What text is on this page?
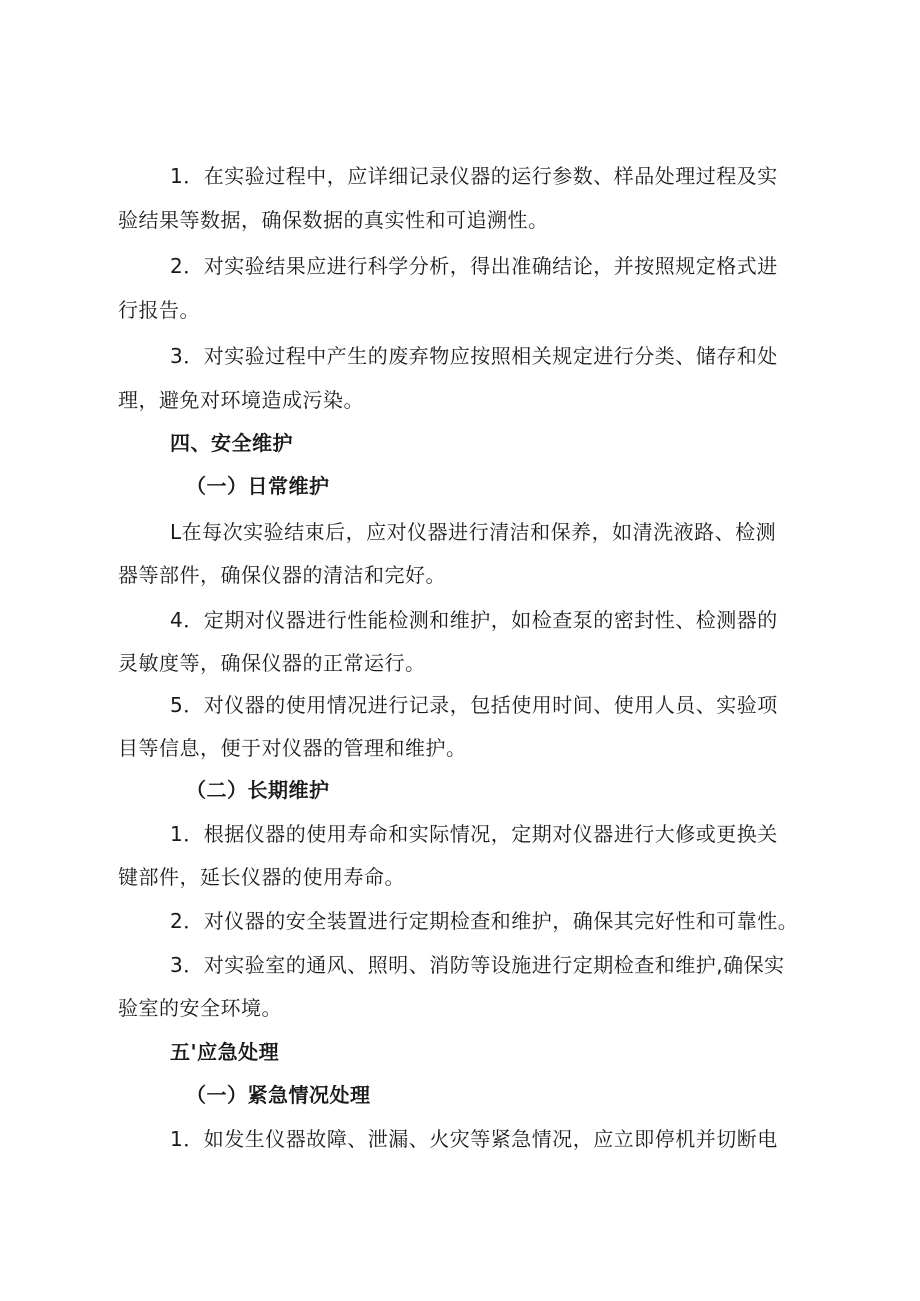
1．在实验过程中，应详细记录仪器的运行参数、样品处理过程及实
验结果等数据，确保数据的真实性和可追溯性。
2．对实验结果应进行科学分析，得出准确结论，并按照规定格式进
行报告。
3．对实验过程中产生的废弃物应按照相关规定进行分类、储存和处
理，避免对环境造成污染。
四、安全维护
（一）日常维护
L在每次实验结束后，应对仪器进行清洁和保养，如清洗液路、检测
器等部件，确保仪器的清洁和完好。
4．定期对仪器进行性能检测和维护，如检查泵的密封性、检测器的
灵敏度等，确保仪器的正常运行。
5．对仪器的使用情况进行记录，包括使用时间、使用人员、实验项
目等信息，便于对仪器的管理和维护。
（二）长期维护
1．根据仪器的使用寿命和实际情况，定期对仪器进行大修或更换关
键部件，延长仪器的使用寿命。
2．对仪器的安全装置进行定期检查和维护，确保其完好性和可靠性。
3．对实验室的通风、照明、消防等设施进行定期检查和维护,确保实
验室的安全环境。
五'应急处理
（一）紧急情况处理
1．如发生仪器故障、泄漏、火灾等紧急情况，应立即停机并切断电
